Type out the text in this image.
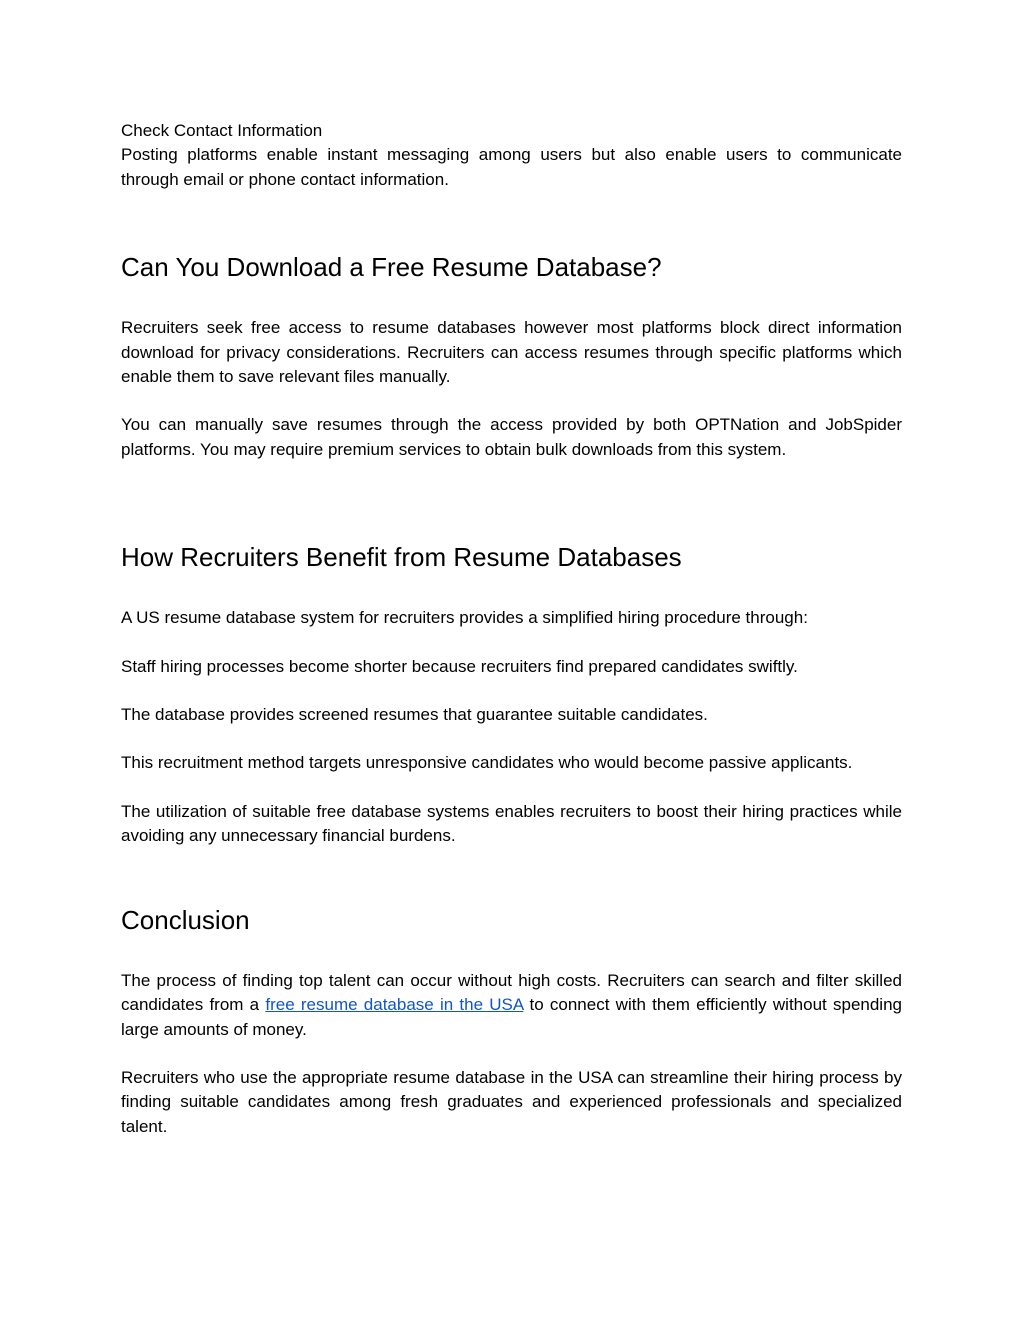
Check Contact Information

Posting platforms enable instant messaging among users but also enable users to communicate through email or phone contact information.

Can You Download a Free Resume Database?

Recruiters seek free access to resume databases however most platforms block direct information download for privacy considerations. Recruiters can access resumes through specific platforms which enable them to save relevant files manually.

You can manually save resumes through the access provided by both OPTNation and JobSpider platforms. You may require premium services to obtain bulk downloads from this system.

How Recruiters Benefit from Resume Databases

A US resume database system for recruiters provides a simplified hiring procedure through:

Staff hiring processes become shorter because recruiters find prepared candidates swiftly.

The database provides screened resumes that guarantee suitable candidates.

This recruitment method targets unresponsive candidates who would become passive applicants.

The utilization of suitable free database systems enables recruiters to boost their hiring practices while avoiding any unnecessary financial burdens.

Conclusion

The process of finding top talent can occur without high costs. Recruiters can search and filter skilled candidates from a free resume database in the USA to connect with them efficiently without spending large amounts of money.

Recruiters who use the appropriate resume database in the USA can streamline their hiring process by finding suitable candidates among fresh graduates and experienced professionals and specialized talent.
